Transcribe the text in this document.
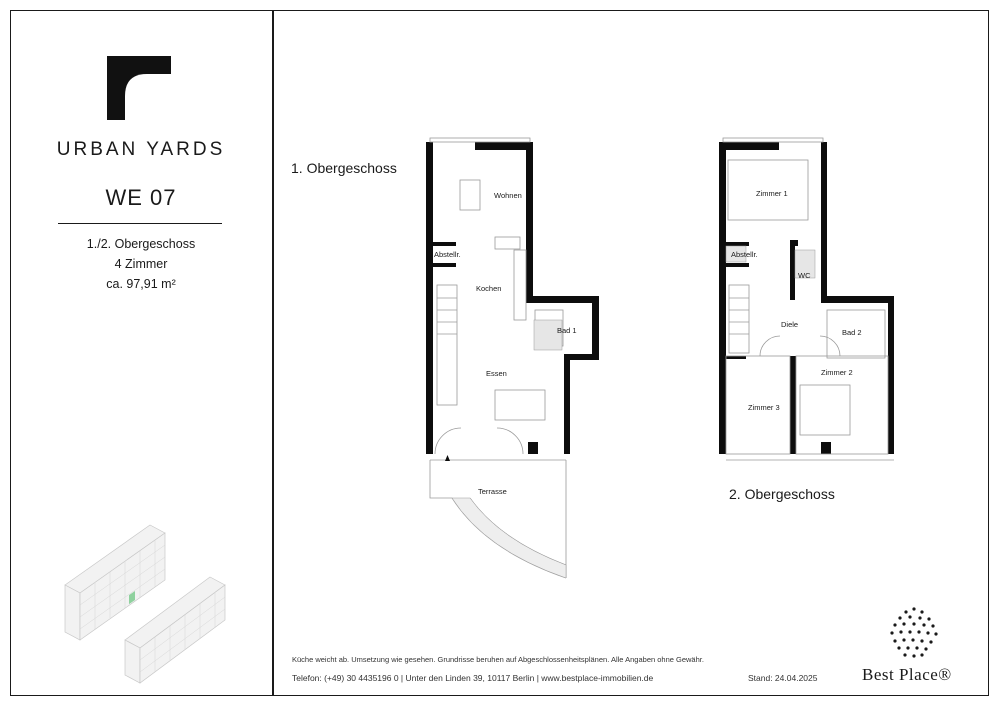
URBAN YARDS
WE 07
1./2. Obergeschoss
4 Zimmer
ca. 97,91 m²
1. Obergeschoss
2. Obergeschoss
Wohnen
Abstellr.
Kochen
Bad 1
Essen
Terrasse
Zimmer 1
Abstellr.
WC
Diele
Bad 2
Zimmer 2
Zimmer 3
Küche weicht ab. Umsetzung wie gesehen. Grundrisse beruhen auf Abgeschlossenheitsplänen. Alle Angaben ohne Gewähr.
Telefon: (+49) 30 4435196 0 | Unter den Linden 39, 10117 Berlin | www.bestplace-immobilien.de	Stand: 24.04.2025	Best Place®
